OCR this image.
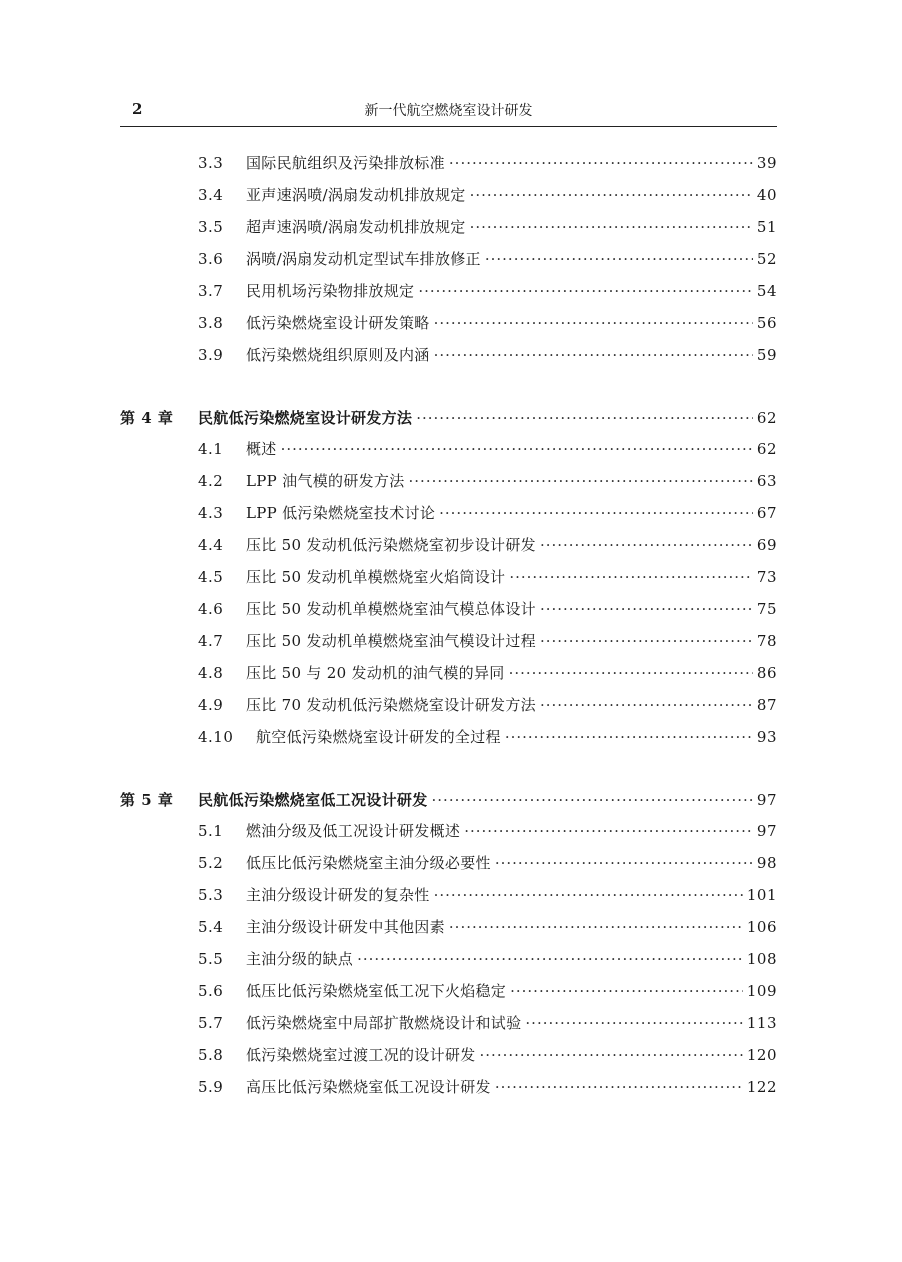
2	新一代航空燃烧室设计研发
3.3	国际民航组织及污染排放标准 ·····	39
3.4	亚声速涡喷/涡扇发动机排放规定 ·····	40
3.5	超声速涡喷/涡扇发动机排放规定 ·····	51
3.6	涡喷/涡扇发动机定型试车排放修正 ·····	52
3.7	民用机场污染物排放规定 ·····	54
3.8	低污染燃烧室设计研发策略 ·····	56
3.9	低污染燃烧组织原则及内涵 ·····	59
第 4 章	民航低污染燃烧室设计研发方法 ·····	62
4.1	概述 ·····	62
4.2	LPP 油气模的研发方法 ·····	63
4.3	LPP 低污染燃烧室技术讨论 ·····	67
4.4	压比 50 发动机低污染燃烧室初步设计研发 ·····	69
4.5	压比 50 发动机单模燃烧室火焰筒设计 ·····	73
4.6	压比 50 发动机单模燃烧室油气模总体设计 ·····	75
4.7	压比 50 发动机单模燃烧室油气模设计过程 ·····	78
4.8	压比 50 与 20 发动机的油气模的异同 ·····	86
4.9	压比 70 发动机低污染燃烧室设计研发方法 ·····	87
4.10	航空低污染燃烧室设计研发的全过程 ·····	93
第 5 章	民航低污染燃烧室低工况设计研发 ·····	97
5.1	燃油分级及低工况设计研发概述 ·····	97
5.2	低压比低污染燃烧室主油分级必要性 ·····	98
5.3	主油分级设计研发的复杂性 ·····	101
5.4	主油分级设计研发中其他因素 ·····	106
5.5	主油分级的缺点 ·····	108
5.6	低压比低污染燃烧室低工况下火焰稳定 ·····	109
5.7	低污染燃烧室中局部扩散燃烧设计和试验 ·····	113
5.8	低污染燃烧室过渡工况的设计研发 ·····	120
5.9	高压比低污染燃烧室低工况设计研发 ·····	122
